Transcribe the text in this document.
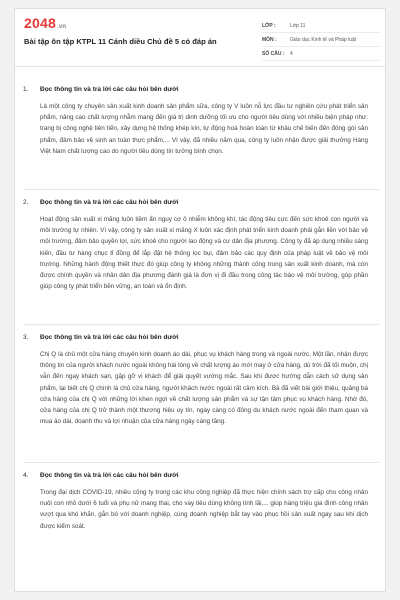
2048.vn
Bài tập ôn tập KTPL 11 Cánh diều Chủ đề 5 có đáp án
LỚP :	Lớp 11
MÔN :	Giáo dục Kinh tế và Pháp luật
SỐ CÂU :	4
1. Đọc thông tin và trả lời các câu hỏi bên dưới

Là một công ty chuyên sản xuất kinh doanh sản phẩm sữa, công ty V luôn nỗ lực đầu tư nghiên cứu phát triển sản phẩm, nâng cao chất lượng nhằm mang đến giá trị dinh dưỡng tối ưu cho người tiêu dùng với nhiều biện pháp như: trang bị công nghệ tiên tiến, xây dựng hệ thống khép kín, tự động hoá hoàn toàn từ khâu chế biến đến đóng gói sản phẩm, đảm bảo vệ sinh an toàn thực phẩm,... Vì vậy, đã nhiều năm qua, công ty luôn nhận được giải thưởng Hàng Việt Nam chất lượng cao do người tiêu dùng tín tưởng bình chọn.

2. Đọc thông tin và trả lời các câu hỏi bên dưới

Hoạt động sản xuất xi măng luôn tiềm ẩn nguy cơ ô nhiễm không khí, tác động tiêu cực đến sức khoẻ con người và môi trường tự nhiên. Vì vậy, công ty sản xuất xi măng X luôn xác định phát triển kinh doanh phải gắn liền với bảo vệ môi trường, đảm bảo quyền lợi, sức khoẻ cho người lao động và cư dân địa phương. Công ty đã áp dụng nhiều sáng kiến, đầu tư hàng chục tỉ đồng để lắp đặt hệ thống lọc bụi, đảm bảo các quy định của pháp luật về bảo vệ môi trường. Những hành động thiết thực đó giúp công ty không những thành công trong sản xuất kinh doanh, mà còn được chính quyền và nhân dân địa phương đánh giá là đơn vị đi đầu trong công tác bảo vệ môi trường, góp phần giúp công ty phát triển bền vững, an toàn và ổn định.

3. Đọc thông tin và trả lời các câu hỏi bên dưới

Chị Q là chủ một cửa hàng chuyên kinh doanh áo dài, phục vụ khách hàng trong và ngoài nước. Một lần, nhận được thông tin của người khách nước ngoài không hài lòng về chất lượng áo mới may ở cửa hàng, dù trời đã tối muộn, chị vẫn đến ngay khách sạn, gặp gỡ vị khách để giải quyết vướng mắc. Sau khi được hướng dẫn cách sử dụng sản phẩm, lại biết chị Q chính là chủ cửa hàng, người khách nước ngoài rất cảm kích. Bà đã viết bài giới thiệu, quảng bá cửa hàng của chị Q với những lời khen ngợi về chất lượng sản phẩm và sự tận tâm phục vụ khách hàng. Nhờ đó, cửa hàng của chị Q trở thành một thương hiệu uy tín, ngày càng có đông du khách nước ngoài đến tham quan và mua áo dài, doanh thu và lợi nhuận của cửa hàng ngày càng tăng.

4. Đọc thông tin và trả lời các câu hỏi bên dưới

Trong đại dịch COVID-19, nhiều công ty trong các khu công nghiệp đã thực hiện chính sách trợ cấp cho công nhân nuôi con nhỏ dưới 6 tuổi và phụ nữ mang thai, cho vay tiêu dùng không tính lãi,... giúp hàng triệu gia đình công nhân vượt qua khó khăn, gắn bó với doanh nghiệp, cùng doanh nghiệp bắt tay vào phục hồi sản xuất ngay sau khi dịch được kiểm soát.
